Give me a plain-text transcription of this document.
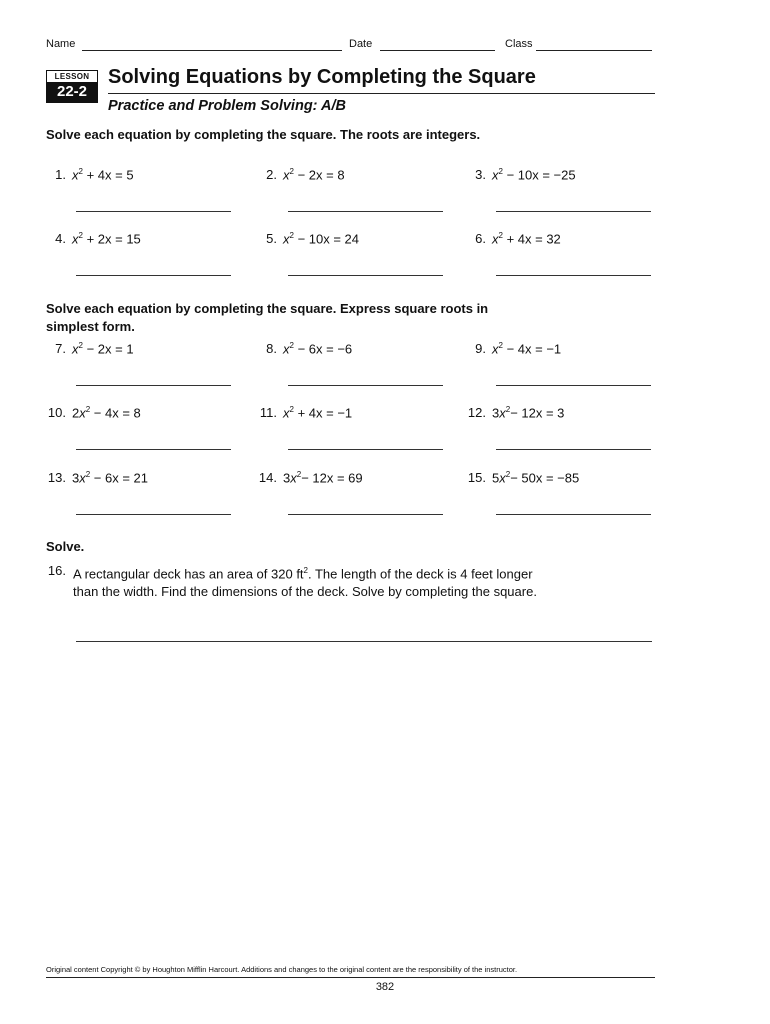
Name	Date	Class
LESSON
22-2
Solving Equations by Completing the Square
Practice and Problem Solving: A/B
Solve each equation by completing the square. The roots are integers.
1. $x^2 + 4x = 5$	2. $x^2 - 2x = 8$	3. $x^2 - 10x = -25$
4. $x^2 + 2x = 15$	5. $x^2 - 10x = 24$	6. $x^2 + 4x = 32$
Solve each equation by completing the square. Express square roots in simplest form.
7. $x^2 - 2x = 1$	8. $x^2 - 6x = -6$	9. $x^2 - 4x = -1$
10. $2x^2 - 4x = 8$	11. $x^2 + 4x = -1$	12. $3x^2- 12x = 3$
13. $3x^2 - 6x = 21$	14. $3x^2- 12x = 69$	15. $5x^2- 50x = -85$
Solve.
16. A rectangular deck has an area of 320 $ft^2$. The length of the deck is 4 feet longer than the width. Find the dimensions of the deck. Solve by completing the square.
Original content Copyright © by Houghton Mifflin Harcourt. Additions and changes to the original content are the responsibility of the instructor.
382
